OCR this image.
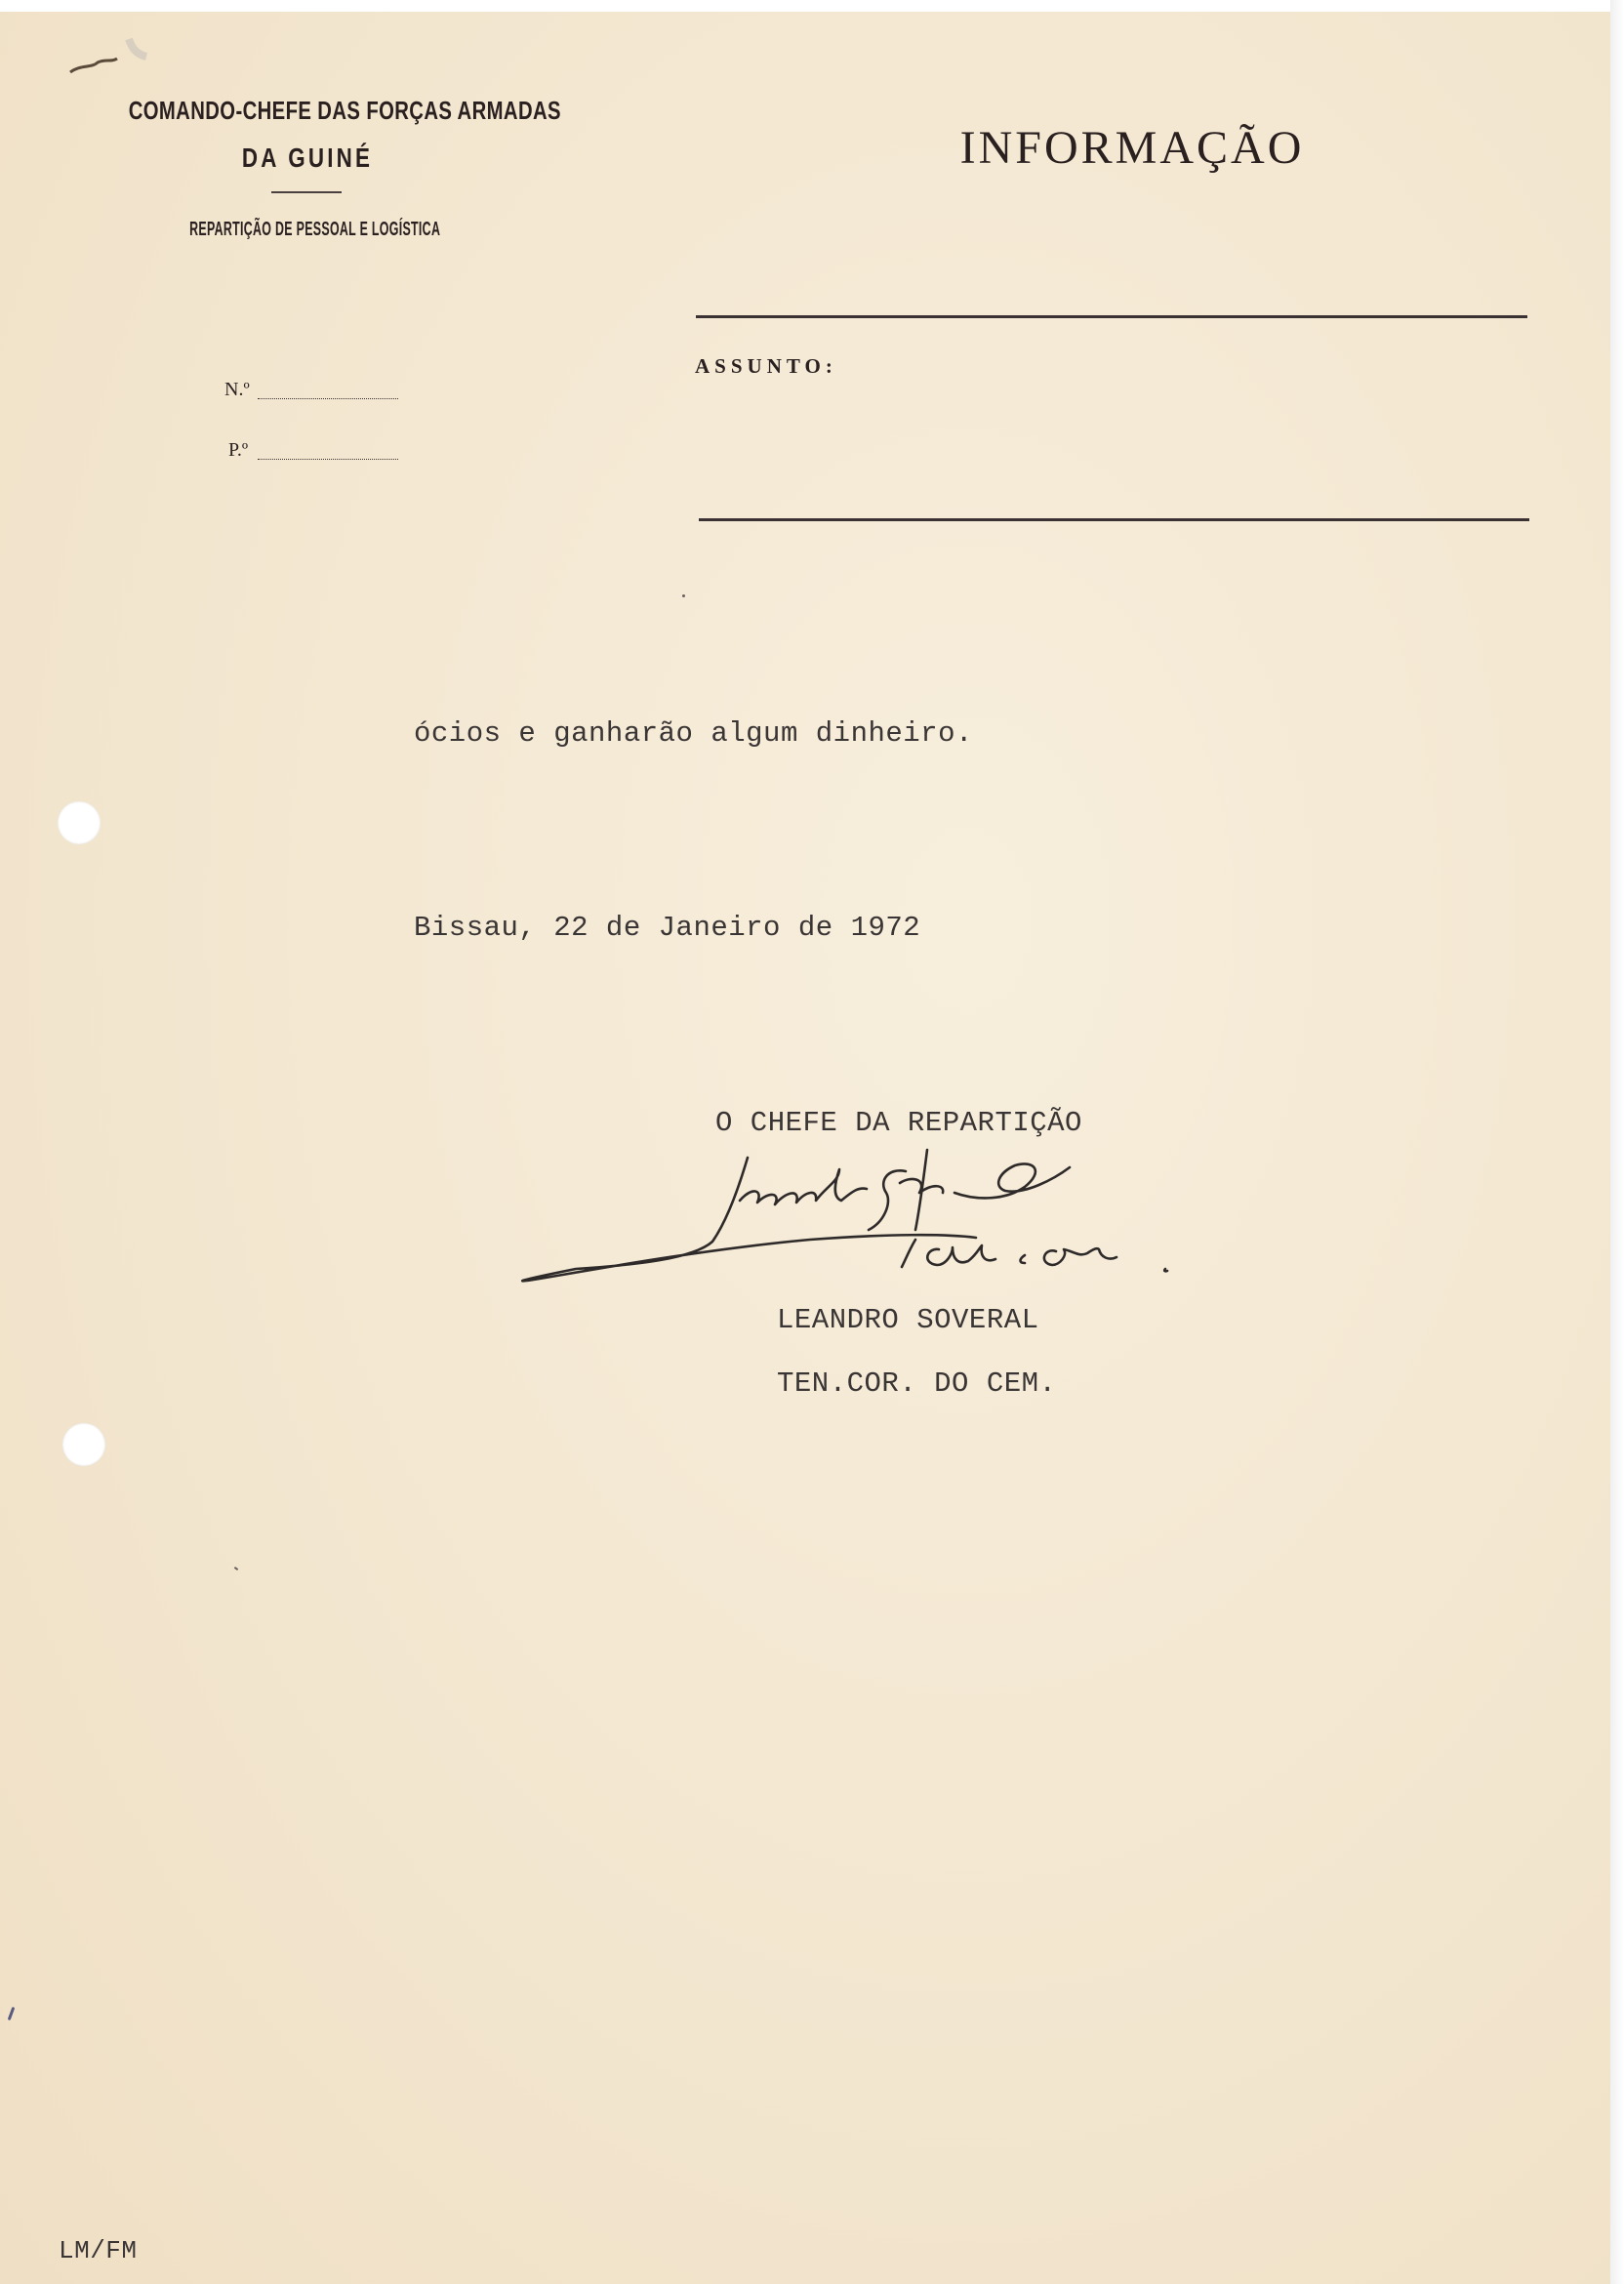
COMANDO-CHEFE DAS FORÇAS ARMADAS
DA GUINÉ
REPARTIÇÃO DE PESSOAL E LOGÍSTICA
N.º
P.º
INFORMAÇÃO
ASSUNTO:
ócios e ganharão algum dinheiro.
Bissau, 22 de Janeiro de 1972
O CHEFE DA REPARTIÇÃO
LEANDRO SOVERAL
TEN.COR. DO CEM.
LM/FM
